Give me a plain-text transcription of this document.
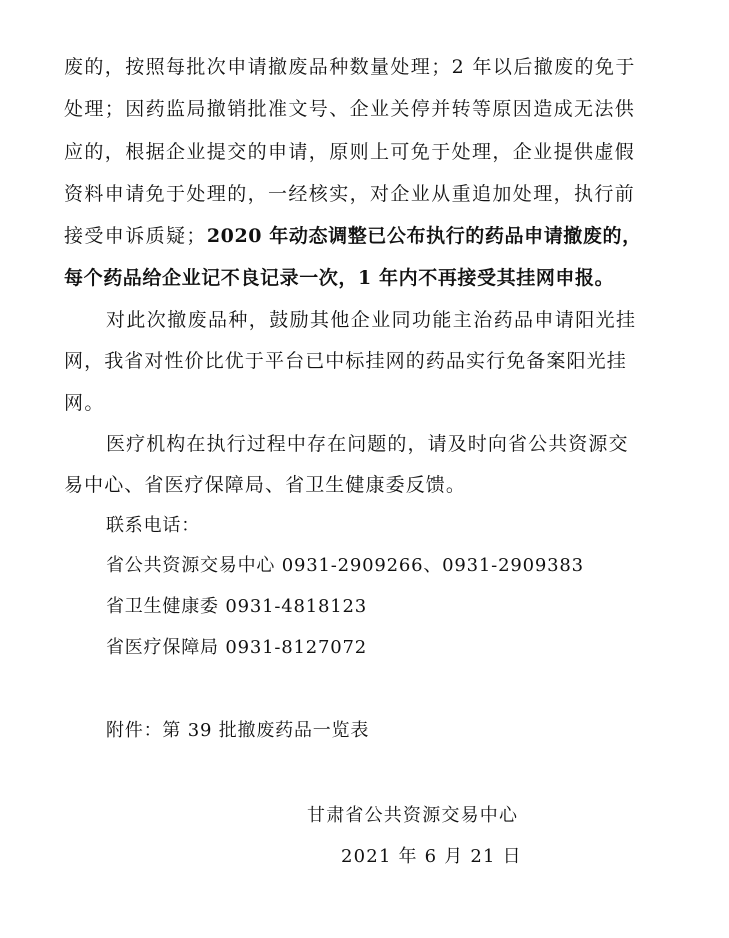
废的，按照每批次申请撤废品种数量处理；2 年以后撤废的免于
处理；因药监局撤销批准文号、企业关停并转等原因造成无法供
应的，根据企业提交的申请，原则上可免于处理，企业提供虚假
资料申请免于处理的，一经核实，对企业从重追加处理，执行前
接受申诉质疑；2020 年动态调整已公布执行的药品申请撤废的，
每个药品给企业记不良记录一次，1 年内不再接受其挂网申报。
对此次撤废品种，鼓励其他企业同功能主治药品申请阳光挂
网，我省对性价比优于平台已中标挂网的药品实行免备案阳光挂
网。
医疗机构在执行过程中存在问题的，请及时向省公共资源交
易中心、省医疗保障局、省卫生健康委反馈。
联系电话：
省公共资源交易中心 0931-2909266、0931-2909383
省卫生健康委 0931-4818123
省医疗保障局 0931-8127072
附件：第 39 批撤废药品一览表
甘肃省公共资源交易中心
2021 年 6 月 21 日
